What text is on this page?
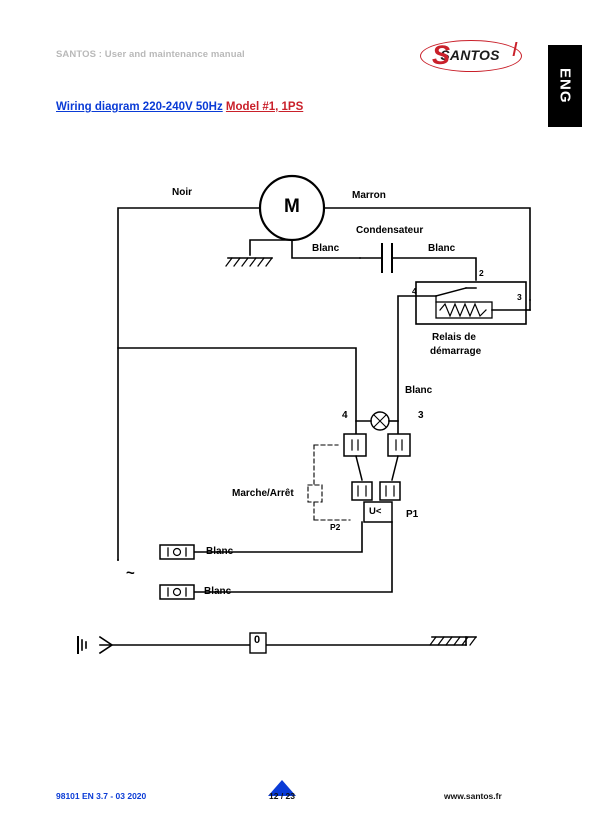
SANTOS : User and maintenance manual	SANTOS
S
ENG
Wiring diagram 220-240V 50Hz Model #1, 1PS
Noir	Marron
Condensateur
Blanc	Blanc
Relais de
démarrage
Blanc
Marche/Arrêt
Blanc
Blanc
P1
P2
U<
4	3
2
4
3
0
~
M
98101 EN 3.7 - 03 2020	12 / 23	www.santos.fr
